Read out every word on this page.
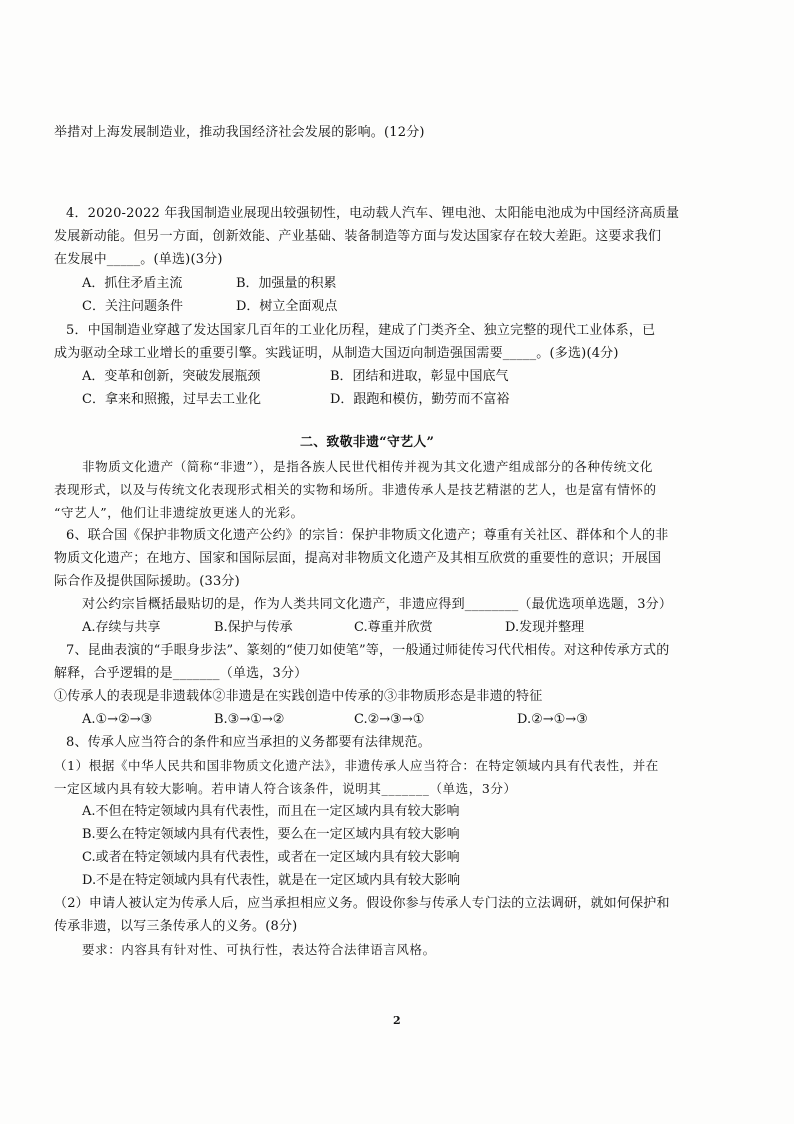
举措对上海发展制造业，推动我国经济社会发展的影响。(12分)
4．2020-2022 年我国制造业展现出较强韧性，电动载人汽车、锂电池、太阳能电池成为中国经济高质量
发展新动能。但另一方面，创新效能、产业基础、装备制造等方面与发达国家存在较大差距。这要求我们
在发展中_____。(单选)(3分)
A．抓住矛盾主流	B．加强量的积累
C．关注问题条件	D．树立全面观点
5．中国制造业穿越了发达国家几百年的工业化历程，建成了门类齐全、独立完整的现代工业体系，已
成为驱动全球工业增长的重要引擎。实践证明，从制造大国迈向制造强国需要_____。(多选)(4分)
A．变革和创新，突破发展瓶颈	B．团结和进取，彰显中国底气
C．拿来和照搬，过早去工业化	D．跟跑和模仿，勤劳而不富裕
二、致敬非遗“守艺人”
非物质文化遗产（简称“非遗”），是指各族人民世代相传并视为其文化遗产组成部分的各种传统文化
表现形式，以及与传统文化表现形式相关的实物和场所。非遗传承人是技艺精湛的艺人，也是富有情怀的
“守艺人”，他们让非遗绽放更迷人的光彩。
6、联合国《保护非物质文化遗产公约》的宗旨：保护非物质文化遗产；尊重有关社区、群体和个人的非
物质文化遗产；在地方、国家和国际层面，提高对非物质文化遗产及其相互欣赏的重要性的意识；开展国
际合作及提供国际援助。(33分)
对公约宗旨概括最贴切的是，作为人类共同文化遗产，非遗应得到________（最优选项单选题，3分）
A.存续与共享	B.保护与传承	C.尊重并欣赏	D.发现并整理
7、昆曲表演的“手眼身步法”、篆刻的“使刀如使笔”等，一般通过师徒传习代代相传。对这种传承方式的
解释，合乎逻辑的是_______（单选，3分）
①传承人的表现是非遗载体②非遗是在实践创造中传承的③非物质形态是非遗的特征
A.①→②→③	B.③→①→②	C.②→③→①	D.②→①→③
8、传承人应当符合的条件和应当承担的义务都要有法律规范。
（1）根据《中华人民共和国非物质文化遗产法》，非遗传承人应当符合：在特定领域内具有代表性，并在
一定区域内具有较大影响。若申请人符合该条件，说明其_______（单选，3分）
A.不但在特定领域内具有代表性，而且在一定区域内具有较大影响
B.要么在特定领域内具有代表性，要么在一定区域内具有较大影响
C.或者在特定领域内具有代表性，或者在一定区域内具有较大影响
D.不是在特定领域内具有代表性，就是在一定区域内具有较大影响
（2）申请人被认定为传承人后，应当承担相应义务。假设你参与传承人专门法的立法调研，就如何保护和
传承非遗，以写三条传承人的义务。(8分)
要求：内容具有针对性、可执行性，表达符合法律语言风格。
2
